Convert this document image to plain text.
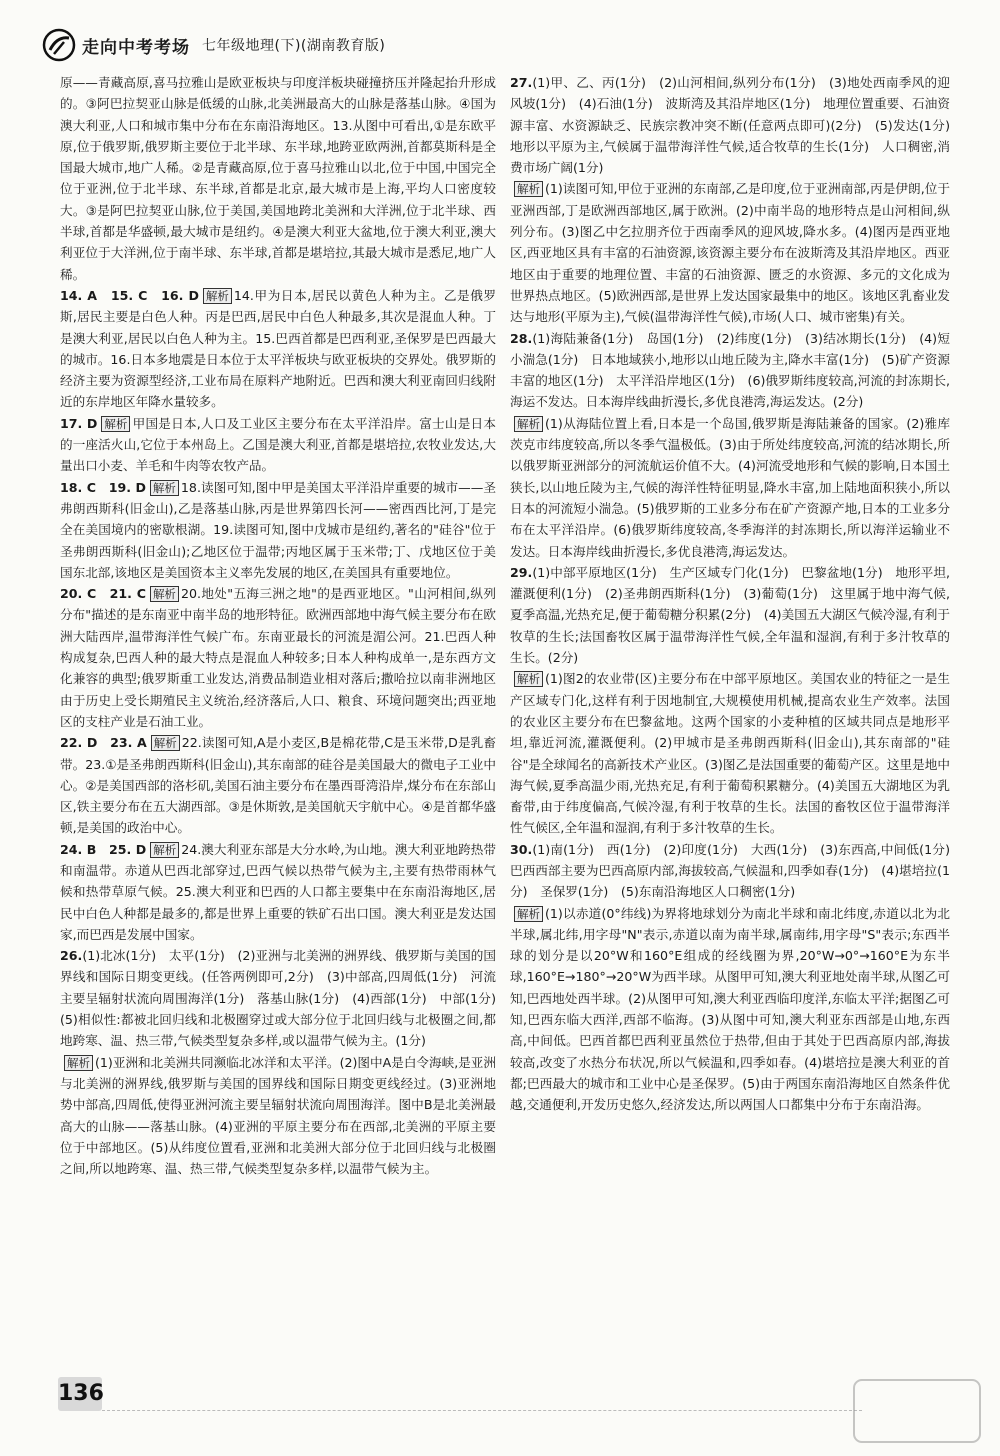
走向中考考场 七年级地理(下)(湖南教育版)

原——青藏高原,喜马拉雅山是欧亚板块与印度洋板块碰撞挤压并隆起抬升形成的。③阿巴拉契亚山脉是低缓的山脉,北美洲最高大的山脉是落基山脉。④国为澳大利亚,人口和城市集中分布在东南沿海地区。13.从图中可看出,①是东欧平原,位于俄罗斯,俄罗斯主要位于北半球、东半球,地跨亚欧两洲,首都莫斯科是全国最大城市,地广人稀。②是青藏高原,位于喜马拉雅山以北,位于中国,中国完全位于亚洲,位于北半球、东半球,首都是北京,最大城市是上海,平均人口密度较大。③是阿巴拉契亚山脉,位于美国,美国地跨北美洲和大洋洲,位于北半球、西半球,首都是华盛顿,最大城市是纽约。④是澳大利亚大盆地,位于澳大利亚,澳大利亚位于大洋洲,位于南半球、东半球,首都是堪培拉,其最大城市是悉尼,地广人稀。

14. A　15. C　16. D 解析 14.甲为日本,居民以黄色人种为主。乙是俄罗斯,居民主要是白色人种。丙是巴西,居民中白色人种最多,其次是混血人种。丁是澳大利亚,居民以白色人种为主。15.巴西首都是巴西利亚,圣保罗是巴西最大的城市。16.日本多地震是日本位于太平洋板块与欧亚板块的交界处。俄罗斯的经济主要为资源型经济,工业布局在原料产地附近。巴西和澳大利亚南回归线附近的东岸地区年降水量较多。

17. D 解析 甲国是日本,人口及工业区主要分布在太平洋沿岸。富士山是日本的一座活火山,它位于本州岛上。乙国是澳大利亚,首都是堪培拉,农牧业发达,大量出口小麦、羊毛和牛肉等农牧产品。

18. C　19. D 解析 18.读图可知,图中甲是美国太平洋沿岸重要的城市——圣弗朗西斯科(旧金山),乙是落基山脉,丙是世界第四长河——密西西比河,丁是完全在美国境内的密歇根湖。19.读图可知,图中戊城市是纽约,著名的"硅谷"位于圣弗朗西斯科(旧金山);乙地区位于温带;丙地区属于玉米带;丁、戊地区位于美国东北部,该地区是美国资本主义率先发展的地区,在美国具有重要地位。

20. C　21. C 解析 20.地处"五海三洲之地"的是西亚地区。"山河相间,纵列分布"描述的是东南亚中南半岛的地形特征。欧洲西部地中海气候主要分布在欧洲大陆西岸,温带海洋性气候广布。东南亚最长的河流是湄公河。21.巴西人种构成复杂,巴西人种的最大特点是混血人种较多;日本人种构成单一,是东西方文化兼容的典型;俄罗斯重工业发达,消费品制造业相对落后;撒哈拉以南非洲地区由于历史上受长期殖民主义统治,经济落后,人口、粮食、环境问题突出;西亚地区的支柱产业是石油工业。

22. D　23. A 解析 22.读图可知,A是小麦区,B是棉花带,C是玉米带,D是乳畜带。23.①是圣弗朗西斯科(旧金山),其东南部的硅谷是美国最大的微电子工业中心。②是美国西部的洛杉矶,美国石油主要分布在墨西哥湾沿岸,煤分布在东部山区,铁主要分布在五大湖西部。③是休斯敦,是美国航天宇航中心。④是首都华盛顿,是美国的政治中心。

24. B　25. D 解析 24.澳大利亚东部是大分水岭,为山地。澳大利亚地跨热带和南温带。赤道从巴西北部穿过,巴西气候以热带气候为主,主要有热带雨林气候和热带草原气候。25.澳大利亚和巴西的人口都主要集中在东南沿海地区,居民中白色人种都是最多的,都是世界上重要的铁矿石出口国。澳大利亚是发达国家,而巴西是发展中国家。

26.(1)北冰(1分)　太平(1分)　(2)亚洲与北美洲的洲界线、俄罗斯与美国的国界线和国际日期变更线。(任答两例即可,2分)　(3)中部高,四周低(1分)　河流主要呈辐射状流向周围海洋(1分)　落基山脉(1分)　(4)西部(1分)　中部(1分)　(5)相似性:都被北回归线和北极圈穿过或大部分位于北回归线与北极圈之间,都地跨寒、温、热三带,气候类型复杂多样,或以温带气候为主。(1分)

解析 (1)亚洲和北美洲共同濒临北冰洋和太平洋。(2)图中A是白令海峡,是亚洲与北美洲的洲界线,俄罗斯与美国的国界线和国际日期变更线经过。(3)亚洲地势中部高,四周低,使得亚洲河流主要呈辐射状流向周围海洋。图中B是北美洲最高大的山脉——落基山脉。(4)亚洲的平原主要分布在西部,北美洲的平原主要位于中部地区。(5)从纬度位置看,亚洲和北美洲大部分位于北回归线与北极圈之间,所以地跨寒、温、热三带,气候类型复杂多样,以温带气候为主。

27.(1)甲、乙、丙(1分)　(2)山河相间,纵列分布(1分)　(3)地处西南季风的迎风坡(1分)　(4)石油(1分)　波斯湾及其沿岸地区(1分)　地理位置重要、石油资源丰富、水资源缺乏、民族宗教冲突不断(任意两点即可)(2分)　(5)发达(1分)　地形以平原为主,气候属于温带海洋性气候,适合牧草的生长(1分)　人口稠密,消费市场广阔(1分)

解析 (1)读图可知,甲位于亚洲的东南部,乙是印度,位于亚洲南部,丙是伊朗,位于亚洲西部,丁是欧洲西部地区,属于欧洲。(2)中南半岛的地形特点是山河相间,纵列分布。(3)图乙中乞拉朋齐位于西南季风的迎风坡,降水多。(4)图丙是西亚地区,西亚地区具有丰富的石油资源,该资源主要分布在波斯湾及其沿岸地区。西亚地区由于重要的地理位置、丰富的石油资源、匮乏的水资源、多元的文化成为世界热点地区。(5)欧洲西部,是世界上发达国家最集中的地区。该地区乳畜业发达与地形(平原为主),气候(温带海洋性气候),市场(人口、城市密集)有关。

28.(1)海陆兼备(1分)　岛国(1分)　(2)纬度(1分)　(3)结冰期长(1分)　(4)短小湍急(1分)　日本地域狭小,地形以山地丘陵为主,降水丰富(1分)　(5)矿产资源丰富的地区(1分)　太平洋沿岸地区(1分)　(6)俄罗斯纬度较高,河流的封冻期长,海运不发达。日本海岸线曲折漫长,多优良港湾,海运发达。(2分)

解析 (1)从海陆位置上看,日本是一个岛国,俄罗斯是海陆兼备的国家。(2)雅库茨克市纬度较高,所以冬季气温极低。(3)由于所处纬度较高,河流的结冰期长,所以俄罗斯亚洲部分的河流航运价值不大。(4)河流受地形和气候的影响,日本国土狭长,以山地丘陵为主,气候的海洋性特征明显,降水丰富,加上陆地面积狭小,所以日本的河流短小湍急。(5)俄罗斯的工业多分布在矿产资源产地,日本的工业多分布在太平洋沿岸。(6)俄罗斯纬度较高,冬季海洋的封冻期长,所以海洋运输业不发达。日本海岸线曲折漫长,多优良港湾,海运发达。

29.(1)中部平原地区(1分)　生产区域专门化(1分)　巴黎盆地(1分)　地形平坦,灌溉便利(1分)　(2)圣弗朗西斯科(1分)　(3)葡萄(1分)　这里属于地中海气候,夏季高温,光热充足,便于葡萄糖分积累(2分)　(4)美国五大湖区气候冷湿,有利于牧草的生长;法国畜牧区属于温带海洋性气候,全年温和湿润,有利于多汁牧草的生长。(2分)

解析 (1)图2的农业带(区)主要分布在中部平原地区。美国农业的特征之一是生产区域专门化,这样有利于因地制宜,大规模使用机械,提高农业生产效率。法国的农业区主要分布在巴黎盆地。这两个国家的小麦种植的区域共同点是地形平坦,靠近河流,灌溉便利。(2)甲城市是圣弗朗西斯科(旧金山),其东南部的"硅谷"是全球闻名的高新技术产业区。(3)图乙是法国重要的葡萄产区。这里是地中海气候,夏季高温少雨,光热充足,有利于葡萄积累糖分。(4)美国五大湖地区为乳畜带,由于纬度偏高,气候冷湿,有利于牧草的生长。法国的畜牧区位于温带海洋性气候区,全年温和湿润,有利于多汁牧草的生长。

30.(1)南(1分)　西(1分)　(2)印度(1分)　大西(1分)　(3)东西高,中间低(1分)　巴西西部主要为巴西高原内部,海拔较高,气候温和,四季如春(1分)　(4)堪培拉(1分)　圣保罗(1分)　(5)东南沿海地区人口稠密(1分)

解析 (1)以赤道(0°纬线)为界将地球划分为南北半球和南北纬度,赤道以北为北半球,属北纬,用字母"N"表示,赤道以南为南半球,属南纬,用字母"S"表示;东西半球的划分是以20°W和160°E组成的经线圈为界,20°W→0°→160°E为东半球,160°E→180°→20°W为西半球。从图甲可知,澳大利亚地处南半球,从图乙可知,巴西地处西半球。(2)从图甲可知,澳大利亚西临印度洋,东临太平洋;据图乙可知,巴西东临大西洋,西部不临海。(3)从图中可知,澳大利亚东西部是山地,东西高,中间低。巴西首都巴西利亚虽然位于热带,但由于其处于巴西高原内部,海拔较高,改变了水热分布状况,所以气候温和,四季如春。(4)堪培拉是澳大利亚的首都;巴西最大的城市和工业中心是圣保罗。(5)由于两国东南沿海地区自然条件优越,交通便利,开发历史悠久,经济发达,所以两国人口都集中分布于东南沿海。

136
